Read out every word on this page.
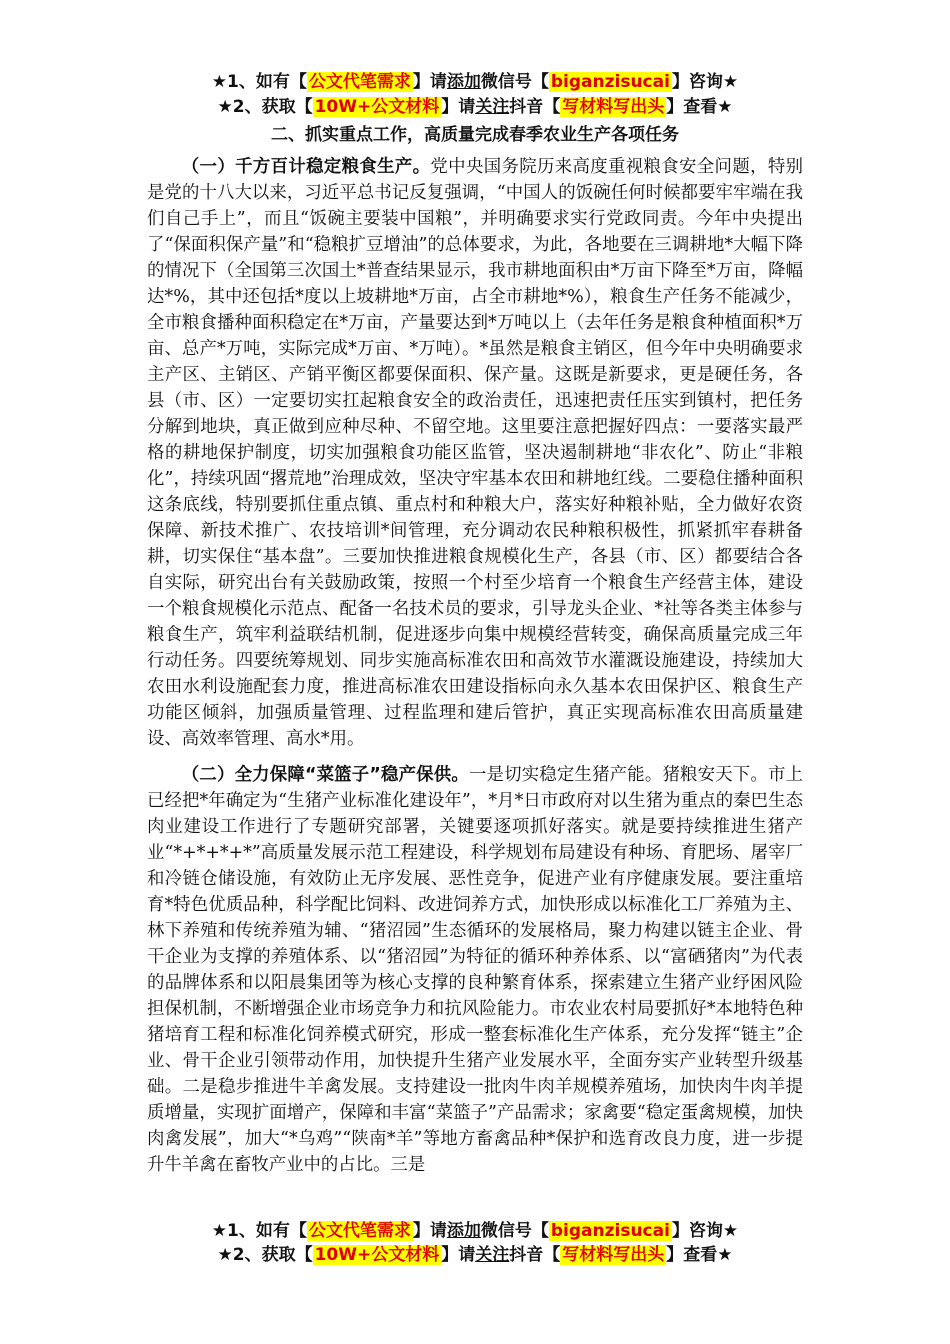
★1、如有【 公文代笔需求 】请添加微信号【 biganzisucai 】咨询★
★2、获取【 10W+公文材料 】请关注抖音【 写材料写出头 】查看★
二、抓实重点工作，高质量完成春季农业生产各项任务

（一）千方百计稳定粮食生产。党中央国务院历来高度重视粮食安全问题，特别是党的十八大以来，习近平总书记反复强调，“中国人的饭碗任何时候都要牢牢端在我们自己手上”，而且“饭碗主要装中国粮”，并明确要求实行党政同责。今年中央提出了“保面积保产量”和“稳粮扩豆增油”的总体要求，为此，各地要在三调耕地*大幅下降的情况下（全国第三次国土*普查结果显示，我市耕地面积由*万亩下降至*万亩，降幅达*%，其中还包括*度以上坡耕地*万亩，占全市耕地*%），粮食生产任务不能减少，全市粮食播种面积稳定在*万亩，产量要达到*万吨以上（去年任务是粮食种植面积*万亩、总产*万吨，实际完成*万亩、*万吨）。*虽然是粮食主销区，但今年中央明确要求主产区、主销区、产销平衡区都要保面积、保产量。这既是新要求，更是硬任务，各县（市、区）一定要切实扛起粮食安全的政治责任，迅速把责任压实到镇村，把任务分解到地块，真正做到应种尽种、不留空地。这里要注意把握好四点：一要落实最严格的耕地保护制度，切实加强粮食功能区监管，坚决遏制耕地“非农化”、防止“非粮化”，持续巩固“撂荒地”治理成效，坚决守牢基本农田和耕地红线。二要稳住播种面积这条底线，特别要抓住重点镇、重点村和种粮大户，落实好种粮补贴，全力做好农资保障、新技术推广、农技培训*间管理，充分调动农民种粮积极性，抓紧抓牢春耕备耕，切实保住“基本盘”。三要加快推进粮食规模化生产，各县（市、区）都要结合各自实际，研究出台有关鼓励政策，按照一个村至少培育一个粮食生产经营主体，建设一个粮食规模化示范点、配备一名技术员的要求，引导龙头企业、*社等各类主体参与粮食生产，筑牢利益联结机制，促进逐步向集中规模经营转变，确保高质量完成三年行动任务。四要统筹规划、同步实施高标准农田和高效节水灌溉设施建设，持续加大农田水利设施配套力度，推进高标准农田建设指标向永久基本农田保护区、粮食生产功能区倾斜，加强质量管理、过程监理和建后管护，真正实现高标准农田高质量建设、高效率管理、高水*用。

（二）全力保障“菜篮子”稳产保供。一是切实稳定生猪产能。猪粮安天下。市上已经把*年确定为“生猪产业标准化建设年”，*月*日市政府对以生猪为重点的秦巴生态肉业建设工作进行了专题研究部署，关键要逐项抓好落实。就是要持续推进生猪产业“*+*+*+*”高质量发展示范工程建设，科学规划布局建设有种场、育肥场、屠宰厂和冷链仓储设施，有效防止无序发展、恶性竞争，促进产业有序健康发展。要注重培育*特色优质品种，科学配比饲料、改进饲养方式，加快形成以标准化工厂养殖为主、林下养殖和传统养殖为辅、“猪沼园”生态循环的发展格局，聚力构建以链主企业、骨干企业为支撑的养殖体系、以“猪沼园”为特征的循环种养体系、以“富硒猪肉”为代表的品牌体系和以阳晨集团等为核心支撑的良种繁育体系，探索建立生猪产业纾困风险担保机制，不断增强企业市场竞争力和抗风险能力。市农业农村局要抓好*本地特色种猪培育工程和标准化饲养模式研究，形成一整套标准化生产体系，充分发挥“链主”企业、骨干企业引领带动作用，加快提升生猪产业发展水平，全面夯实产业转型升级基础。二是稳步推进牛羊禽发展。支持建设一批肉牛肉羊规模养殖场，加快肉牛肉羊提质增量，实现扩面增产，保障和丰富“菜篮子”产品需求；家禽要“稳定蛋禽规模，加快肉禽发展”，加大“*乌鸡”“陕南*羊”等地方畜禽品种*保护和选育改良力度，进一步提升牛羊禽在畜牧产业中的占比。三是

★1、如有【 公文代笔需求 】请添加微信号【 biganzisucai 】咨询★
★2、获取【 10W+公文材料 】请关注抖音【 写材料写出头 】查看★
